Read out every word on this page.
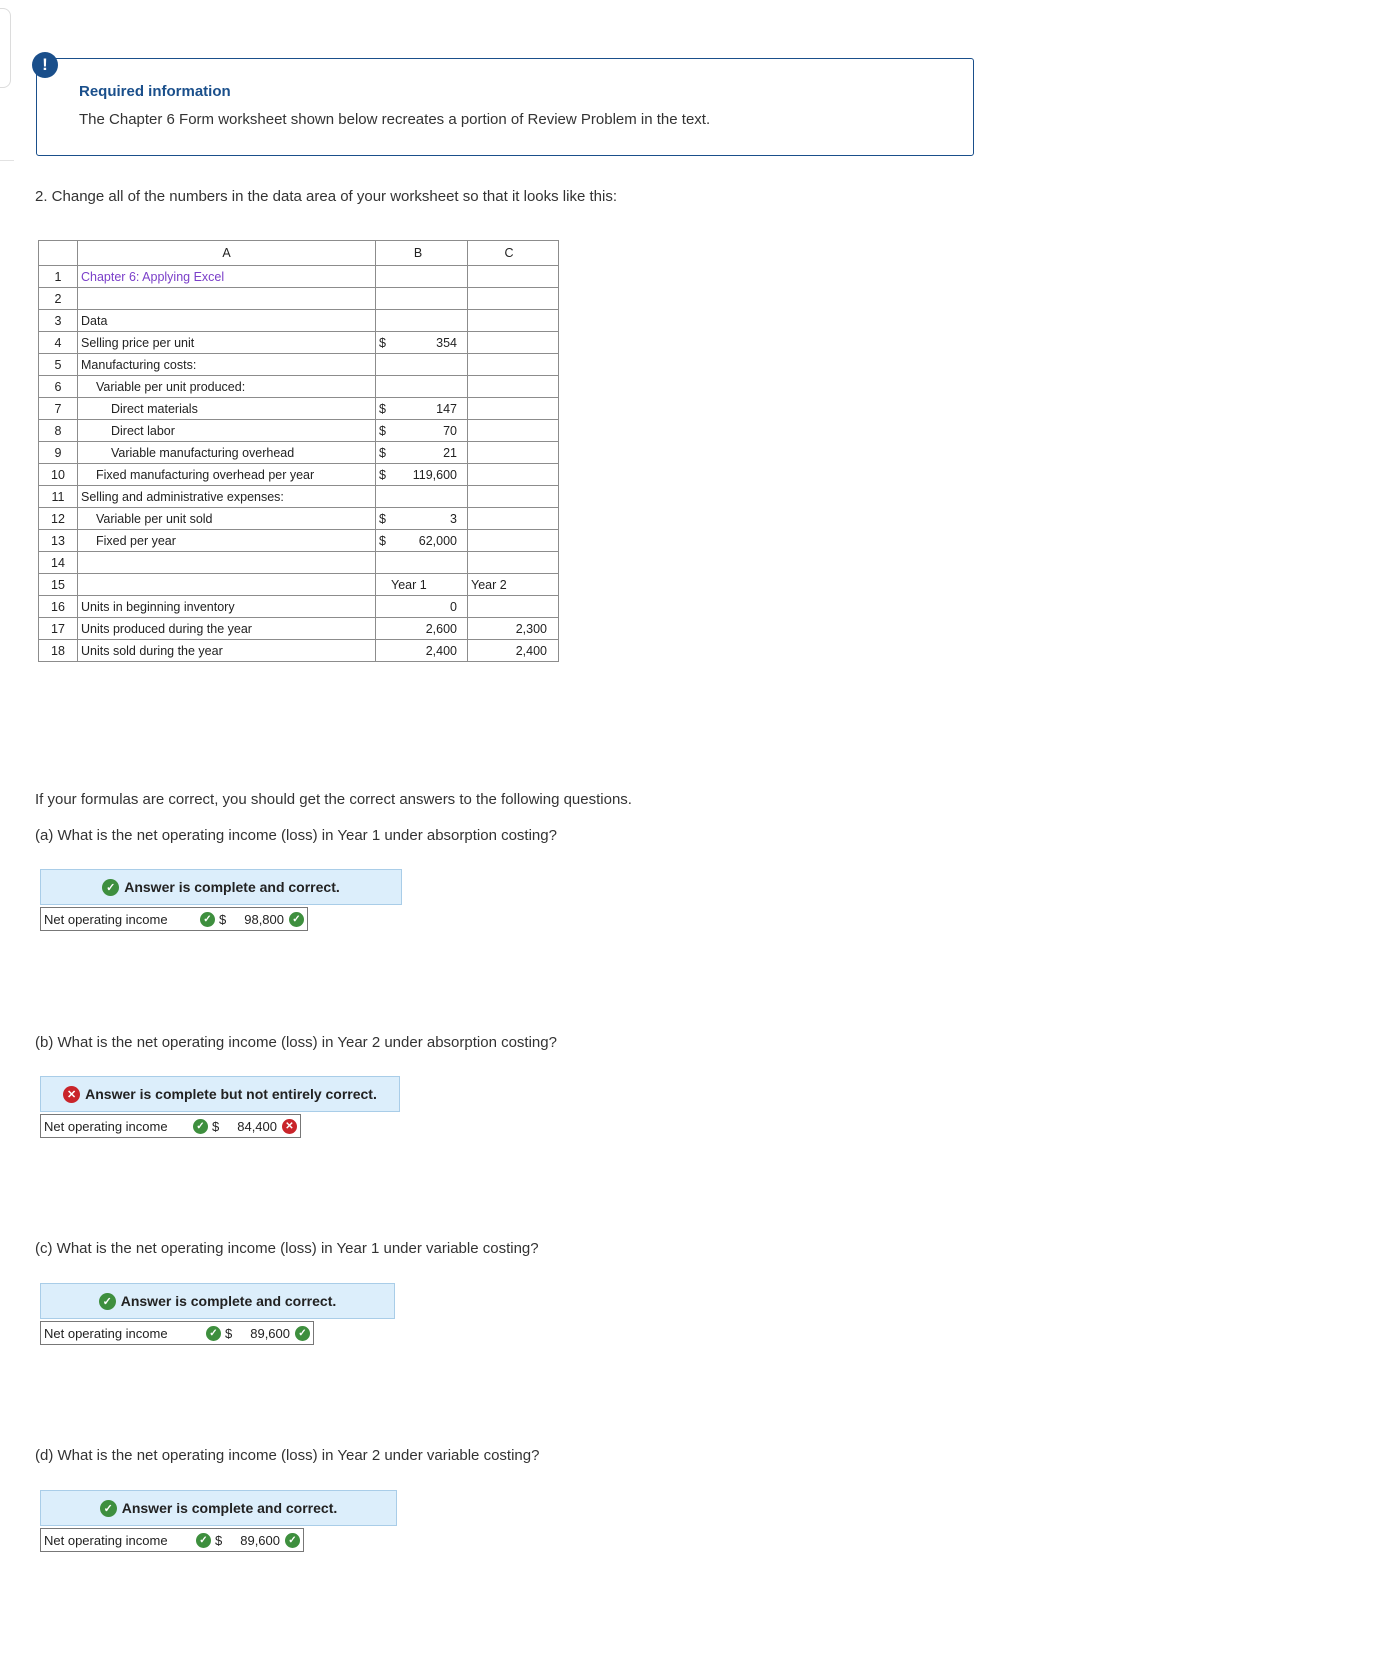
!
Required information
The Chapter 6 Form worksheet shown below recreates a portion of Review Problem in the text.
2. Change all of the numbers in the data area of your worksheet so that it looks like this:
	A	B	C
1	Chapter 6: Applying Excel	

2		

3	Data	

4	Selling price per unit	$ 354	

5	Manufacturing costs:	

6	Variable per unit produced:	

7	Direct materials	$ 147	

8	Direct labor	$ 70	

9	Variable manufacturing overhead	$ 21	

10	Fixed manufacturing overhead per year	$ 119,600	

11	Selling and administrative expenses:	

12	Variable per unit sold	$ 3	

13	Fixed per year	$ 62,000	

14		

15		Year 1	Year 2
16	Units in beginning inventory	0	

17	Units produced during the year	2,600	2,300
18	Units sold during the year	2,400	2,400
If your formulas are correct, you should get the correct answers to the following questions.
(a) What is the net operating income (loss) in Year 1 under absorption costing?
✓ Answer is complete and correct.
Net operating income	✓ $ 98,800 ✓
(b) What is the net operating income (loss) in Year 2 under absorption costing?
✕ Answer is complete but not entirely correct.
Net operating income	✓ $ 84,400 ✕
(c) What is the net operating income (loss) in Year 1 under variable costing?
✓ Answer is complete and correct.
Net operating income	✓ $ 89,600 ✓
(d) What is the net operating income (loss) in Year 2 under variable costing?
✓ Answer is complete and correct.
Net operating income	✓ $ 89,600 ✓
